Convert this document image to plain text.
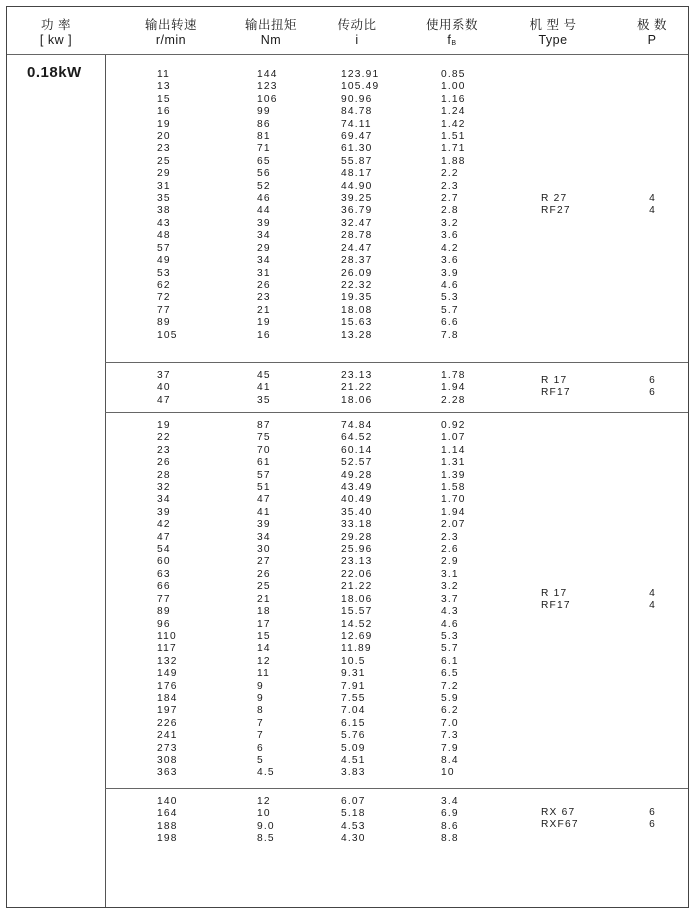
功 率
[ kw ]
输出转速
r/min
输出扭矩
Nm
传动比
i
使用系数
fB
机 型 号
Type
极 数
P
0.18kW	11
13
15
16
19
20
23
25
29
31
35
38
43
48
57
49
53
62
72
77
89
105
144
123
106
99
86
81
71
65
56
52
46
44
39
34
29
34
31
26
23
21
19
16
123.91
105.49
90.96
84.78
74.11
69.47
61.30
55.87
48.17
44.90
39.25
36.79
32.47
28.78
24.47
28.37
26.09
22.32
19.35
18.08
15.63
13.28
0.85
1.00
1.16
1.24
1.42
1.51
1.71
1.88
2.2
2.3
2.7
2.8
3.2
3.6
4.2
3.6
3.9
4.6
5.3
5.7
6.6
7.8
R 27
RF27
4
4
37
40
47
45
41
35
23.13
21.22
18.06
1.78
1.94
2.28
R 17
RF17
6
6
19
22
23
26
28
32
34
39
42
47
54
60
63
66
77
89
96
110
117
132
149
176
184
197
226
241
273
308
363
87
75
70
61
57
51
47
41
39
34
30
27
26
25
21
18
17
15
14
12
11
9
9
8
7
7
6
5
4.5
74.84
64.52
60.14
52.57
49.28
43.49
40.49
35.40
33.18
29.28
25.96
23.13
22.06
21.22
18.06
15.57
14.52
12.69
11.89
10.5
9.31
7.91
7.55
7.04
6.15
5.76
5.09
4.51
3.83
0.92
1.07
1.14
1.31
1.39
1.58
1.70
1.94
2.07
2.3
2.6
2.9
3.1
3.2
3.7
4.3
4.6
5.3
5.7
6.1
6.5
7.2
5.9
6.2
7.0
7.3
7.9
8.4
10
R 17
RF17
4
4
140
164
188
198
12
10
9.0
8.5
6.07
5.18
4.53
4.30
3.4
6.9
8.6
8.8
RX 67
RXF67
6
6
